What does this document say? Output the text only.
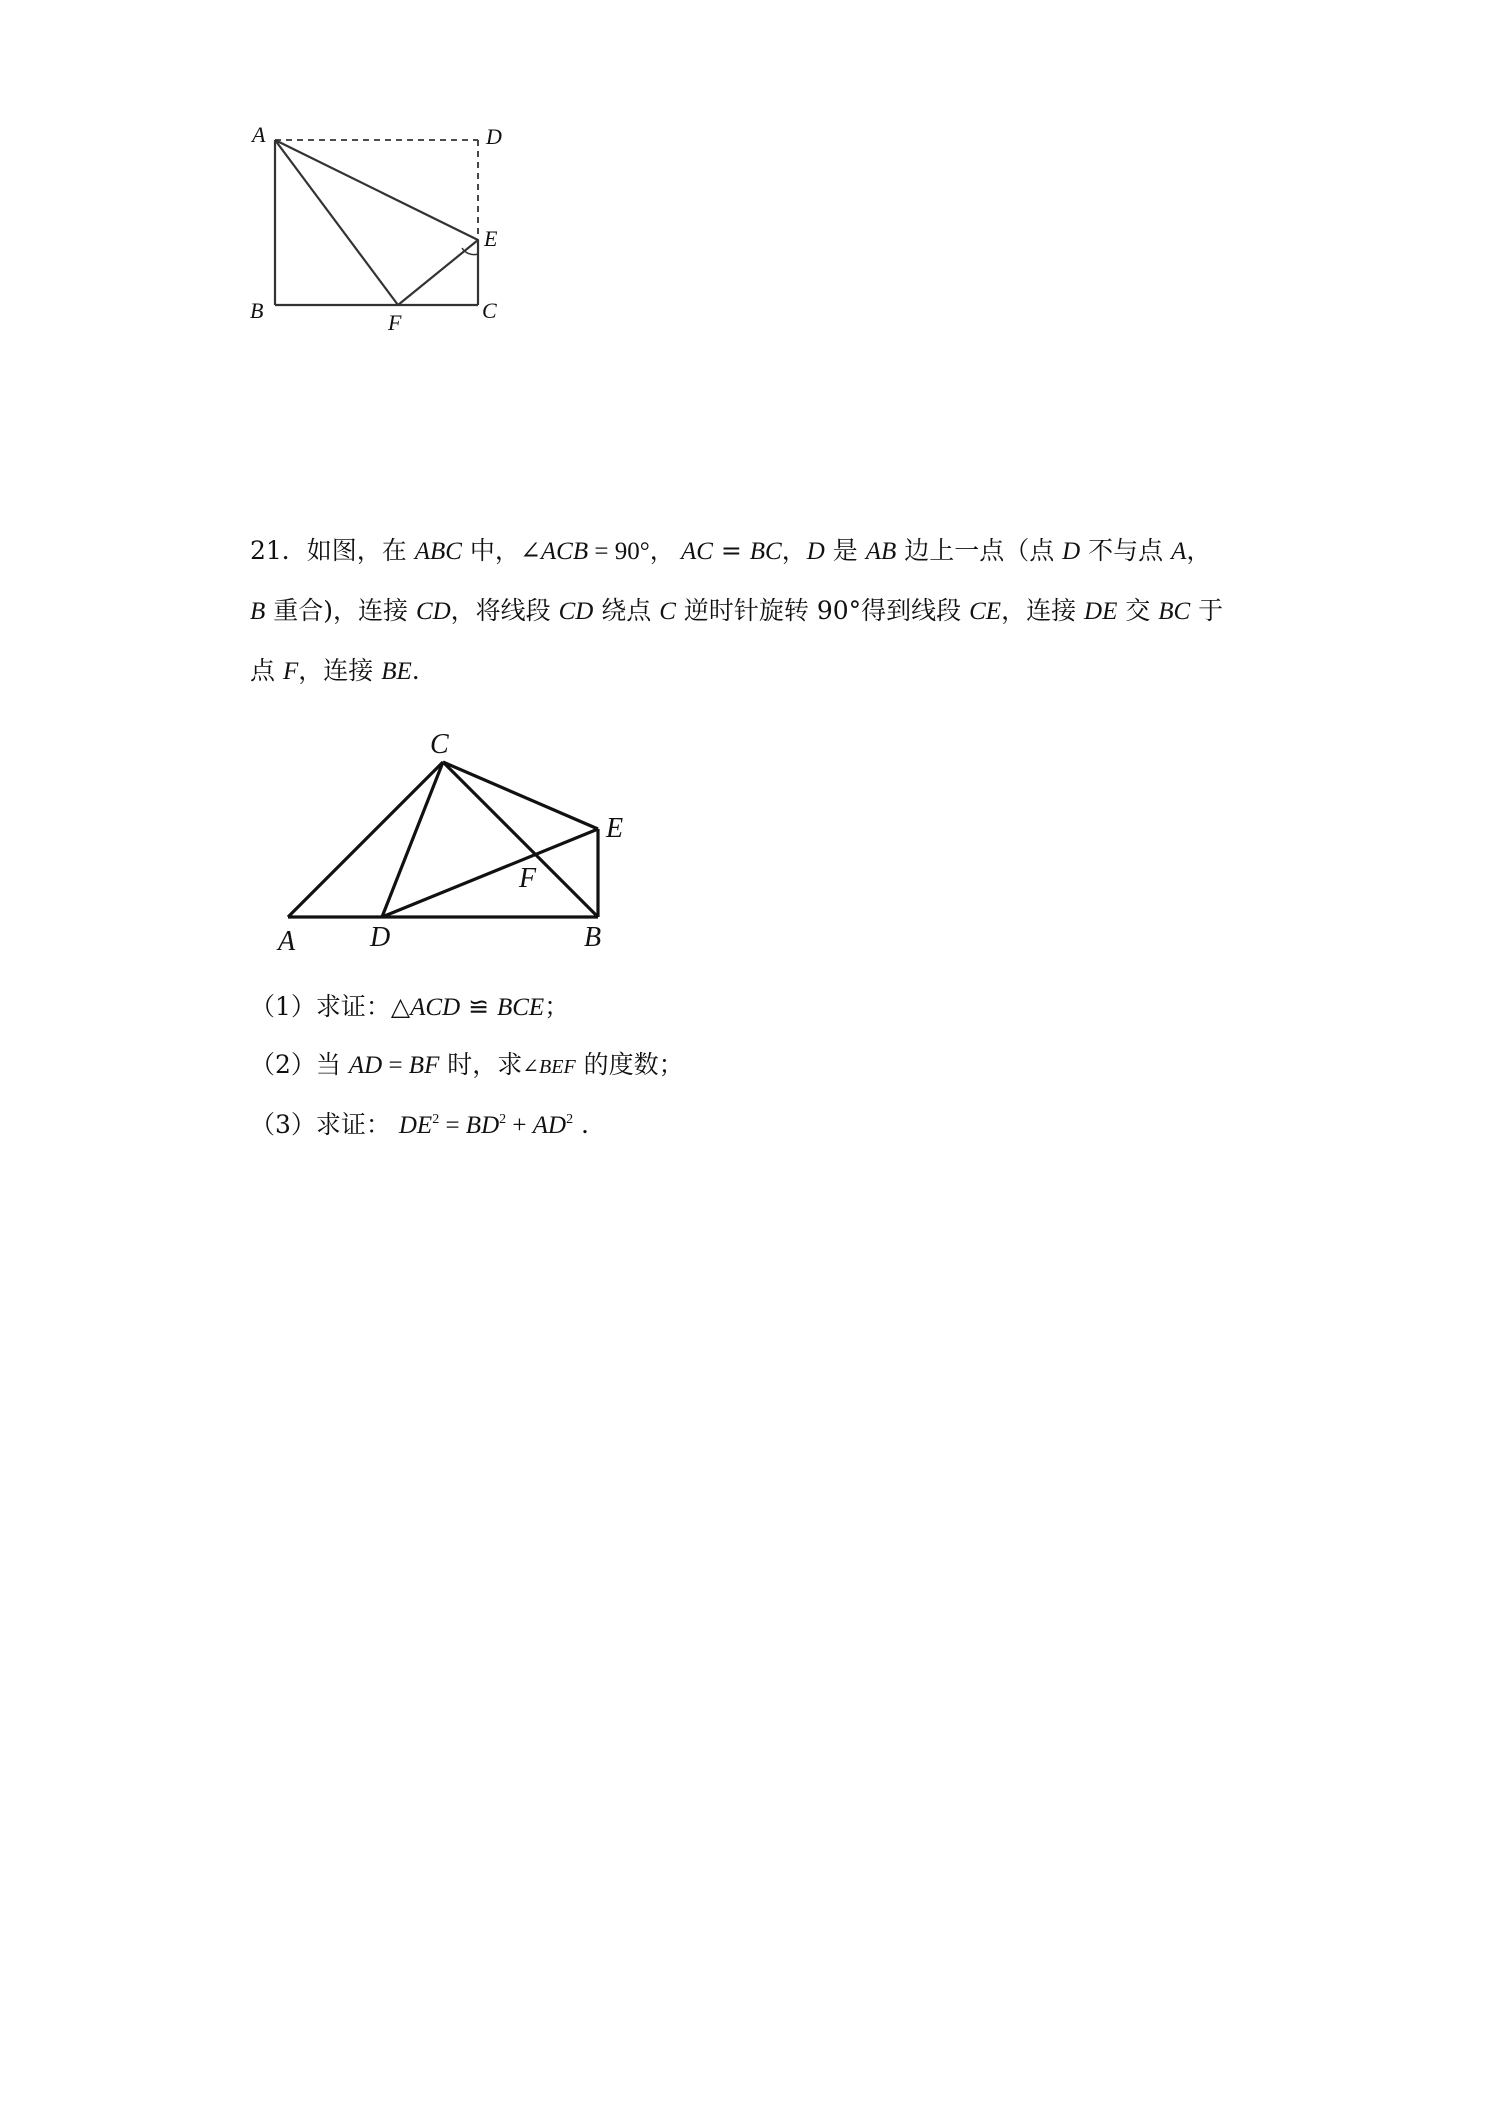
A	D
E
B	F	C
21．如图，在 ABC 中，∠ACB = 90°， AC = BC，D 是 AB 边上一点（点 D 不与点 A，
B 重合)，连接 CD，将线段 CD 绕点 C 逆时针旋转 90°得到线段 CE，连接 DE 交 BC 于
点 F，连接 BE.
C
E
F
A	D	B
（1）求证：△ACD ≌ BCE；
（2）当 AD = BF 时，求∠BEF 的度数；
（3）求证： $DE^2 = BD^2 + AD^2$ .
